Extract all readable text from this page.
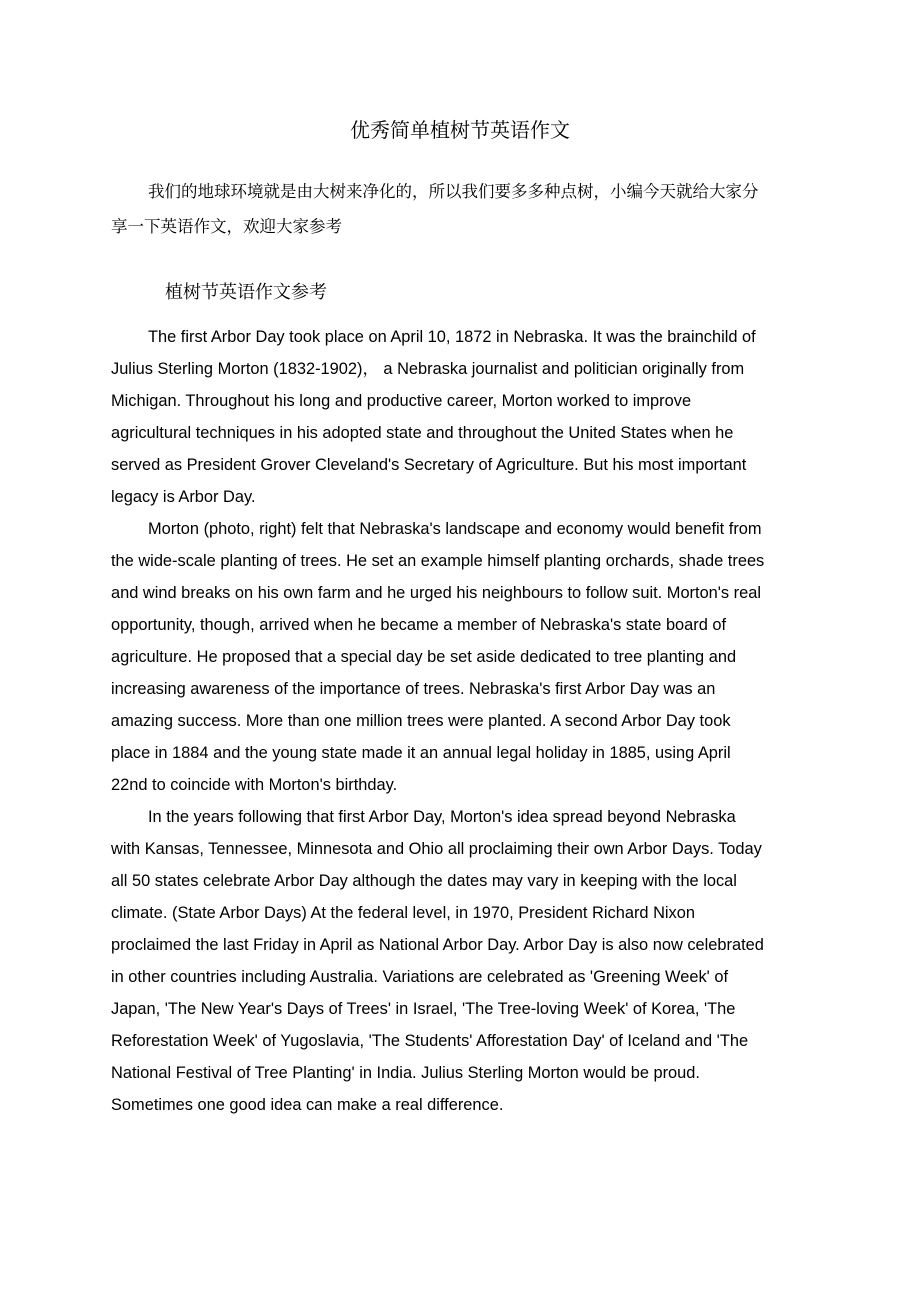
优秀简单植树节英语作文

我们的地球环境就是由大树来净化的，所以我们要多多种点树，小编今天就给大家分享一下英语作文，欢迎大家参考

植树节英语作文参考

The first Arbor Day took place on April 10, 1872 in Nebraska. It was the brainchild of Julius Sterling Morton (1832-1902)， a Nebraska journalist and politician originally from Michigan. Throughout his long and productive career, Morton worked to improve agricultural techniques in his adopted state and throughout the United States when he served as President Grover Cleveland's Secretary of Agriculture. But his most important legacy is Arbor Day.

Morton (photo, right) felt that Nebraska's landscape and economy would benefit from the wide-scale planting of trees. He set an example himself planting orchards, shade trees and wind breaks on his own farm and he urged his neighbours to follow suit. Morton's real opportunity, though, arrived when he became a member of Nebraska's state board of agriculture. He proposed that a special day be set aside dedicated to tree planting and increasing awareness of the importance of trees. Nebraska's first Arbor Day was an amazing success. More than one million trees were planted. A second Arbor Day took place in 1884 and the young state made it an annual legal holiday in 1885, using April 22nd to coincide with Morton's birthday.

In the years following that first Arbor Day, Morton's idea spread beyond Nebraska with Kansas, Tennessee, Minnesota and Ohio all proclaiming their own Arbor Days. Today all 50 states celebrate Arbor Day although the dates may vary in keeping with the local climate. (State Arbor Days) At the federal level, in 1970, President Richard Nixon proclaimed the last Friday in April as National Arbor Day. Arbor Day is also now celebrated in other countries including Australia. Variations are celebrated as 'Greening Week' of Japan, 'The New Year's Days of Trees' in Israel, 'The Tree-loving Week' of Korea, 'The Reforestation Week' of Yugoslavia, 'The Students' Afforestation Day' of Iceland and 'The National Festival of Tree Planting' in India. Julius Sterling Morton would be proud. Sometimes one good idea can make a real difference.
